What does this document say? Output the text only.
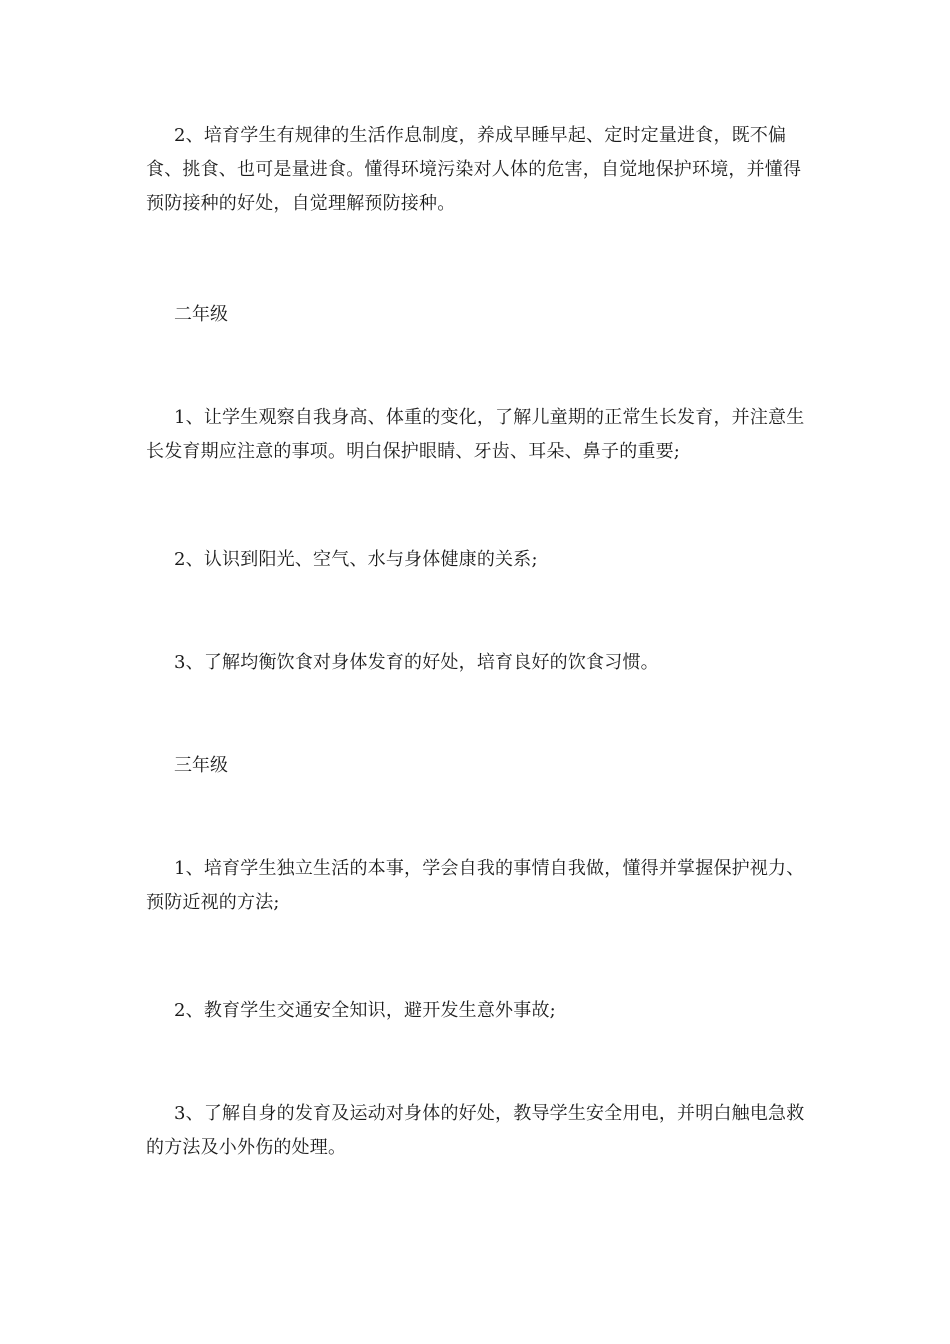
2、培育学生有规律的生活作息制度，养成早睡早起、定时定量进食，既不偏食、挑食、也可是量进食。懂得环境污染对人体的危害，自觉地保护环境，并懂得预防接种的好处，自觉理解预防接种。

二年级

1、让学生观察自我身高、体重的变化，了解儿童期的正常生长发育，并注意生长发育期应注意的事项。明白保护眼睛、牙齿、耳朵、鼻子的重要;

2、认识到阳光、空气、水与身体健康的关系;

3、了解均衡饮食对身体发育的好处，培育良好的饮食习惯。

三年级

1、培育学生独立生活的本事，学会自我的事情自我做，懂得并掌握保护视力、预防近视的方法;

2、教育学生交通安全知识，避开发生意外事故;

3、了解自身的发育及运动对身体的好处，教导学生安全用电，并明白触电急救的方法及小外伤的处理。
